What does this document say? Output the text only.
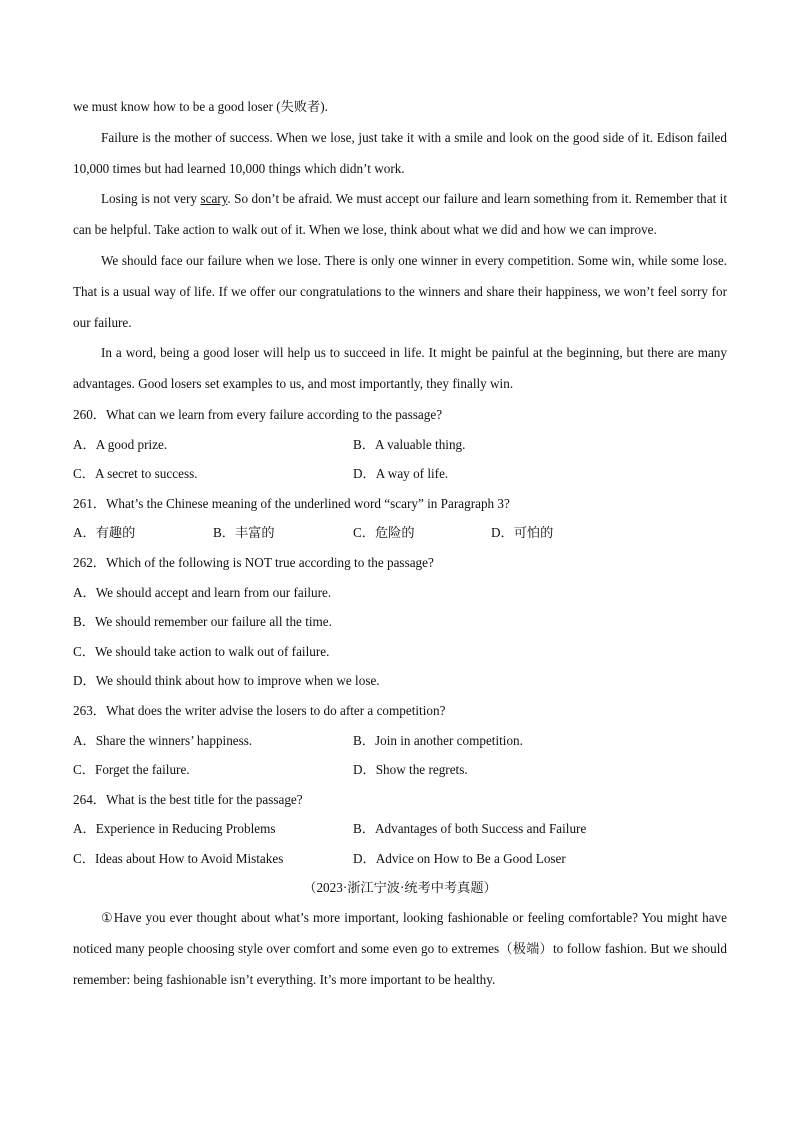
we must know how to be a good loser (失败者).

Failure is the mother of success. When we lose, just take it with a smile and look on the good side of it. Edison failed 10,000 times but had learned 10,000 things which didn’t work.

Losing is not very scary. So don’t be afraid. We must accept our failure and learn something from it. Remember that it can be helpful. Take action to walk out of it. When we lose, think about what we did and how we can improve.

We should face our failure when we lose. There is only one winner in every competition. Some win, while some lose. That is a usual way of life. If we offer our congratulations to the winners and share their happiness, we won’t feel sorry for our failure.

In a word, being a good loser will help us to succeed in life. It might be painful at the beginning, but there are many advantages. Good losers set examples to us, and most importantly, they finally win.

260．What can we learn from every failure according to the passage?
A．A good prize.	B．A valuable thing.
C．A secret to success.	D．A way of life.
261．What’s the Chinese meaning of the underlined word “scary” in Paragraph 3?
A．有趣的	B．丰富的	C．危险的	D．可怕的
262．Which of the following is NOT true according to the passage?
A．We should accept and learn from our failure.
B．We should remember our failure all the time.
C．We should take action to walk out of failure.
D．We should think about how to improve when we lose.
263．What does the writer advise the losers to do after a competition?
A．Share the winners’ happiness.	B．Join in another competition.
C．Forget the failure.	D．Show the regrets.
264．What is the best title for the passage?
A．Experience in Reducing Problems	B．Advantages of both Success and Failure
C．Ideas about How to Avoid Mistakes	D．Advice on How to Be a Good Loser
（2023·浙江宁波·统考中考真题）

①Have you ever thought about what’s more important, looking fashionable or feeling comfortable? You might have noticed many people choosing style over comfort and some even go to extremes（极端）to follow fashion. But we should remember: being fashionable isn’t everything. It’s more important to be healthy.
